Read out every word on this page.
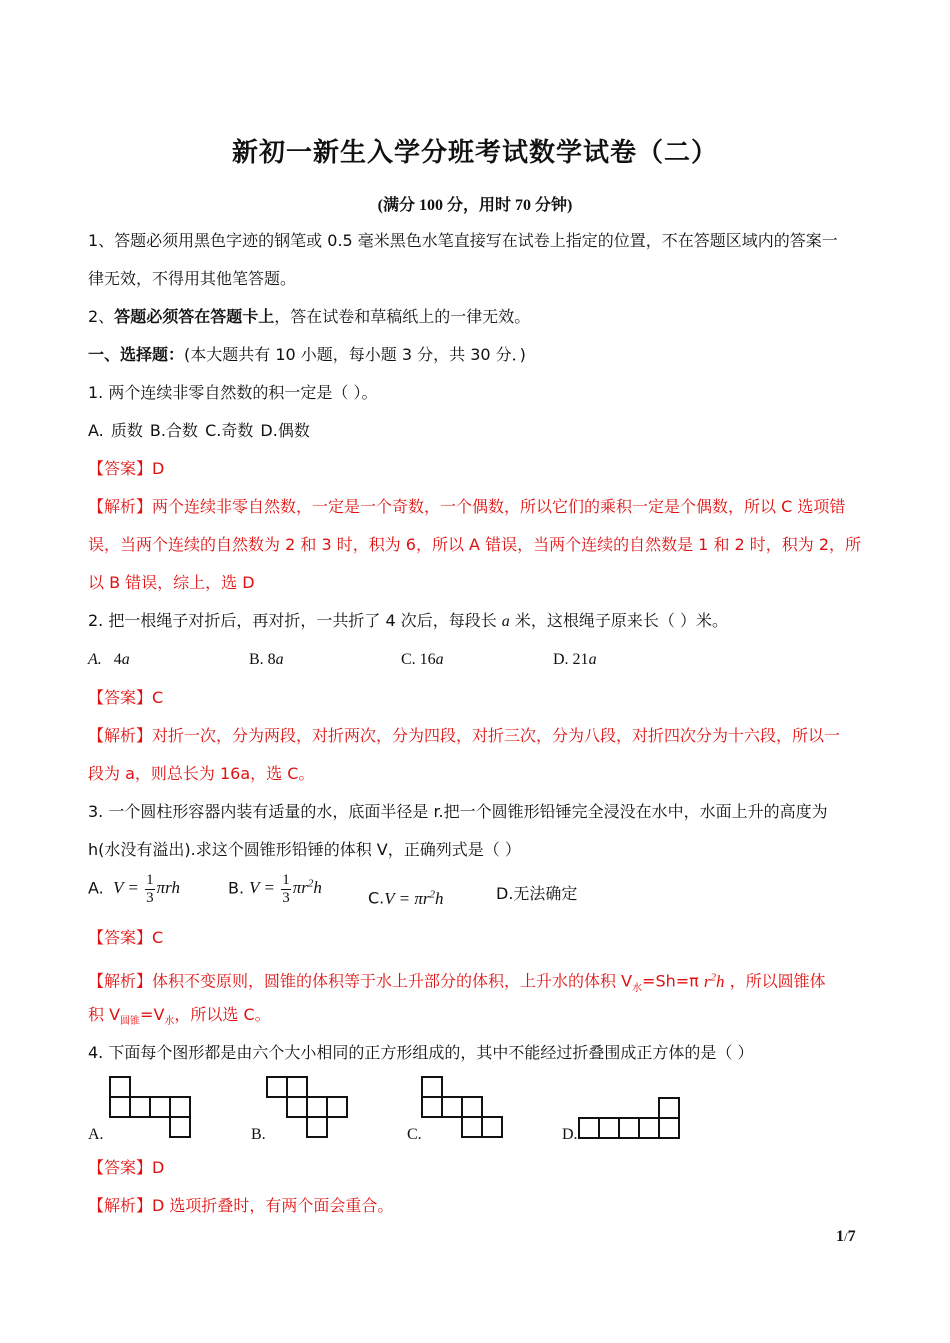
新初一新生入学分班考试数学试卷（二）
(满分 100 分，用时 70 分钟)
1、答题必须用黑色字迹的钢笔或 0.5 毫米黑色水笔直接写在试卷上指定的位置，不在答题区域内的答案一
律无效，不得用其他笔答题。
2、答题必须答在答题卡上，答在试卷和草稿纸上的一律无效。
一、选择题：(本大题共有 10 小题，每小题 3 分，共 30 分．)
1. 两个连续非零自然数的积一定是（ ）。
A. 质数 B.合数 C.奇数 D.偶数
【答案】D
【解析】两个连续非零自然数，一定是一个奇数，一个偶数，所以它们的乘积一定是个偶数，所以 C 选项错
误，当两个连续的自然数为 2 和 3 时，积为 6，所以 A 错误，当两个连续的自然数是 1 和 2 时，积为 2，所
以 B 错误，综上，选 D
2. 把一根绳子对折后，再对折，一共折了 4 次后，每段长 a 米，这根绳子原来长（ ）米。
A. 4a	B. 8a	C. 16a	D. 21a
【答案】C
【解析】对折一次，分为两段，对折两次，分为四段，对折三次，分为八段，对折四次分为十六段，所以一
段为 a，则总长为 16a，选 C。
3. 一个圆柱形容器内装有适量的水，底面半径是 r.把一个圆锥形铅锤完全浸没在水中，水面上升的高度为
h(水没有溢出).求这个圆锥形铅锤的体积 V，正确列式是（ ）
A.  $V = \frac{1}{3}$ πrh	B. $V = \frac{1}{3} \pi r^2h$
$C.V = \pi r^2h$	D.无法确定
【答案】C
【解析】体积不变原则，圆锥的体积等于水上升部分的体积，上升水的体积 $V_水=Sh=\pi$ $r^2h$ ，所以圆锥体
积 $V_{圆锥}=V_水$，所以选 C。
4. 下面每个图形都是由六个大小相同的正方形组成的，其中不能经过折叠围成正方体的是（ ）
A.	B.	C.	D.
【答案】D
【解析】D 选项折叠时，有两个面会重合。
1/7
